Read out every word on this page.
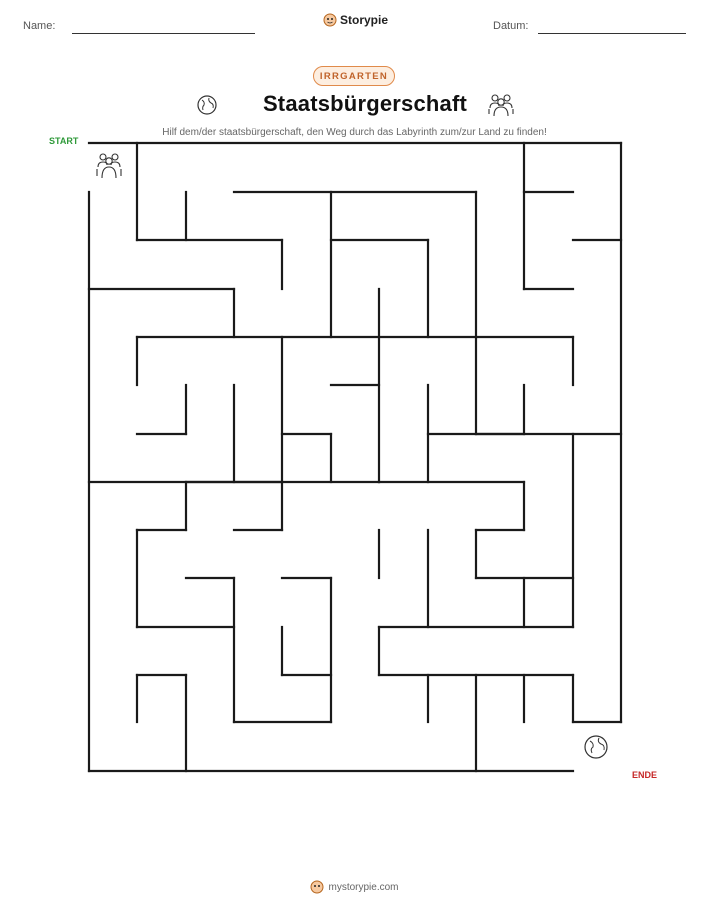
Name:	Storypie	Datum:
IRRGARTEN
Staatsbürgerschaft
Hilf dem/der staatsbürgerschaft, den Weg durch das Labyrinth zum/zur Land zu finden!
START
ENDE
mystorypie.com
